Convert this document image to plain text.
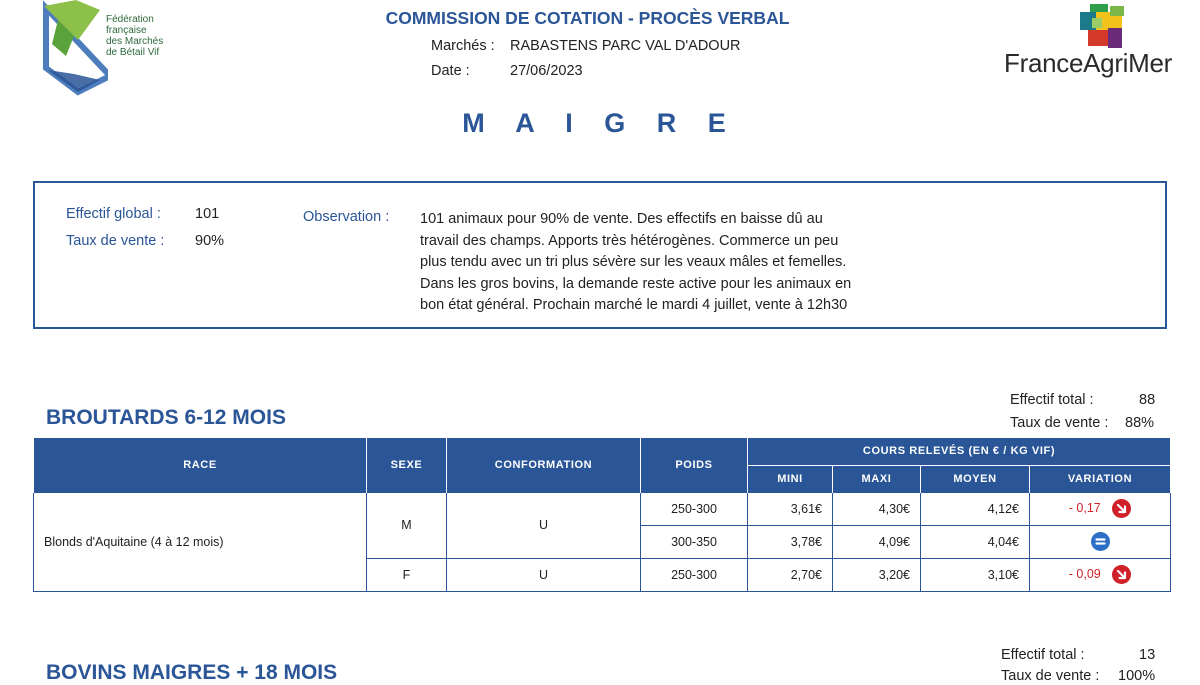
Fédération
française
des Marchés
de Bétail Vif
COMMISSION DE COTATION - PROCÈS VERBAL
Marchés : RABASTENS PARC VAL D'ADOUR
Date :	27/06/2023	FranceAgriMer
M A I G R E
Effectif global : 101
Taux de vente : 90%
Observation : 101 animaux pour 90% de vente. Des effectifs en baisse dû au
travail des champs. Apports très hétérogènes. Commerce un peu
plus tendu avec un tri plus sévère sur les veaux mâles et femelles.
Dans les gros bovins, la demande reste active pour les animaux en
bon état général. Prochain marché le mardi 4 juillet, vente à 12h30
BROUTARDS 6-12 MOIS
Effectif total :	88
Taux de vente : 88%
RACE	SEXE	CONFORMATION	POIDS	COURS RELEVÉS (EN € / KG VIF)			
				MINI	MAXI	MOYEN	VARIATION
Blonds d'Aquitaine (4 à 12 mois)	M	U	250-300	3,61€	4,30€	4,12€	- 0,17

			300-350	3,78€	4,09€	4,04€	

	F	U	250-300	2,70€	3,20€	3,10€	- 0,09
BOVINS MAIGRES + 18 MOIS
Effectif total :	13
Taux de vente : 100%
